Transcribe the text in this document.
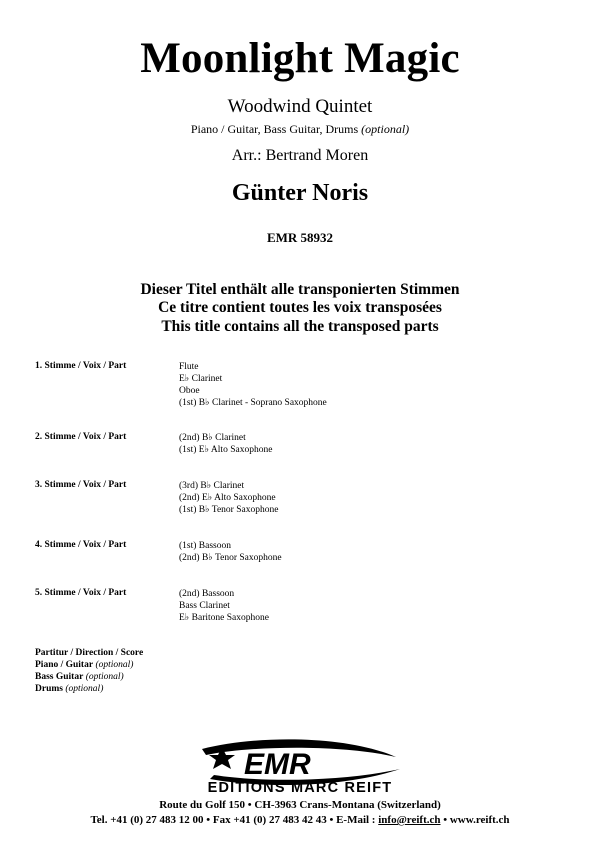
Moonlight Magic
Woodwind Quintet
Piano / Guitar, Bass Guitar, Drums (optional)
Arr.: Bertrand Moren
Günter Noris
EMR 58932
Dieser Titel enthält alle transponierten Stimmen
Ce titre contient toutes les voix transposées
This title contains all the transposed parts
1. Stimme / Voix / Part	Flute
E♭ Clarinet
Oboe
(1st) B♭ Clarinet - Soprano Saxophone
2. Stimme / Voix / Part	(2nd) B♭ Clarinet
(1st) E♭ Alto Saxophone
3. Stimme / Voix / Part	(3rd) B♭ Clarinet
(2nd) E♭ Alto Saxophone
(1st) B♭ Tenor Saxophone
4. Stimme / Voix / Part	(1st) Bassoon
(2nd) B♭ Tenor Saxophone
5. Stimme / Voix / Part	(2nd) Bassoon
Bass Clarinet
E♭ Baritone Saxophone
Partitur / Direction / Score
Piano / Guitar (optional)
Bass Guitar (optional)
Drums (optional)
EMR
EDITIONS MARC REIFT
Route du Golf 150 • CH-3963 Crans-Montana (Switzerland)
Tel. +41 (0) 27 483 12 00 • Fax +41 (0) 27 483 42 43 • E-Mail : info@reift.ch • www.reift.ch
